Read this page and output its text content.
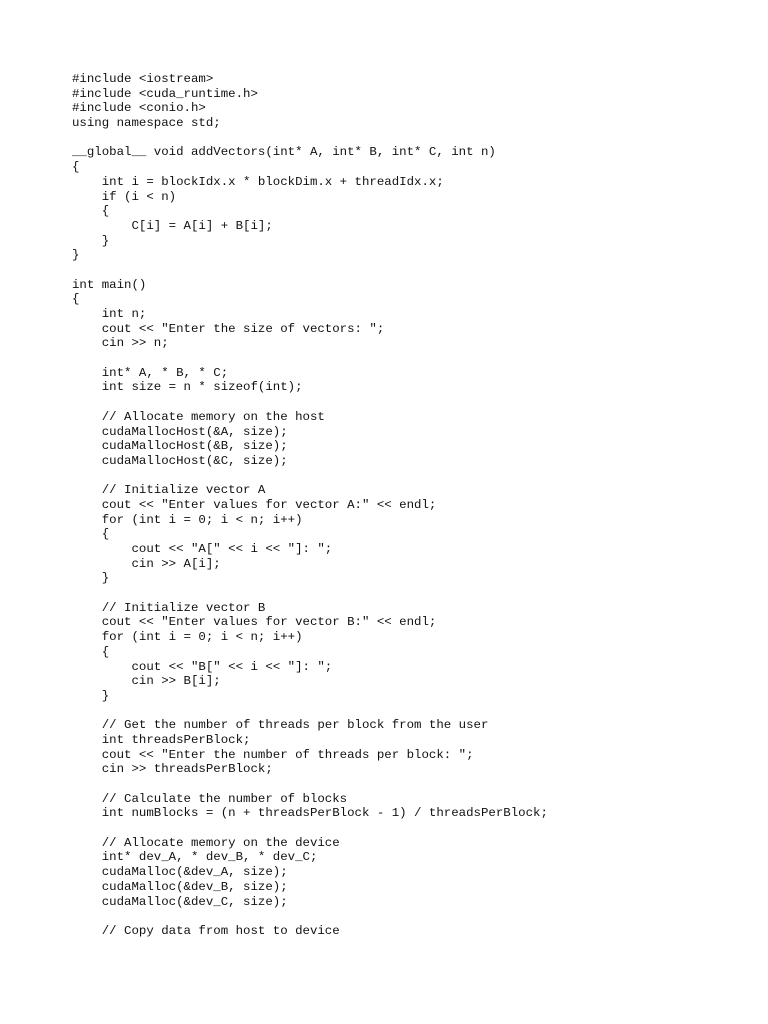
#include <iostream>
#include <cuda_runtime.h>
#include <conio.h>
using namespace std;
__global__ void addVectors(int* A, int* B, int* C, int n)
{
int i = blockIdx.x * blockDim.x + threadIdx.x;
if (i < n)
{
C[i] = A[i] + B[i];
}
}
int main()
{
int n;
cout << "Enter the size of vectors: ";
cin >> n;
int* A, * B, * C;
int size = n * sizeof(int);
// Allocate memory on the host
cudaMallocHost(&A, size);
cudaMallocHost(&B, size);
cudaMallocHost(&C, size);
// Initialize vector A
cout << "Enter values for vector A:" << endl;
for (int i = 0; i < n; i++)
{
cout << "A[" << i << "]: ";
cin >> A[i];
}
// Initialize vector B
cout << "Enter values for vector B:" << endl;
for (int i = 0; i < n; i++)
{
cout << "B[" << i << "]: ";
cin >> B[i];
}
// Get the number of threads per block from the user
int threadsPerBlock;
cout << "Enter the number of threads per block: ";
cin >> threadsPerBlock;
// Calculate the number of blocks
int numBlocks = (n + threadsPerBlock - 1) / threadsPerBlock;
// Allocate memory on the device
int* dev_A, * dev_B, * dev_C;
cudaMalloc(&dev_A, size);
cudaMalloc(&dev_B, size);
cudaMalloc(&dev_C, size);
// Copy data from host to device
